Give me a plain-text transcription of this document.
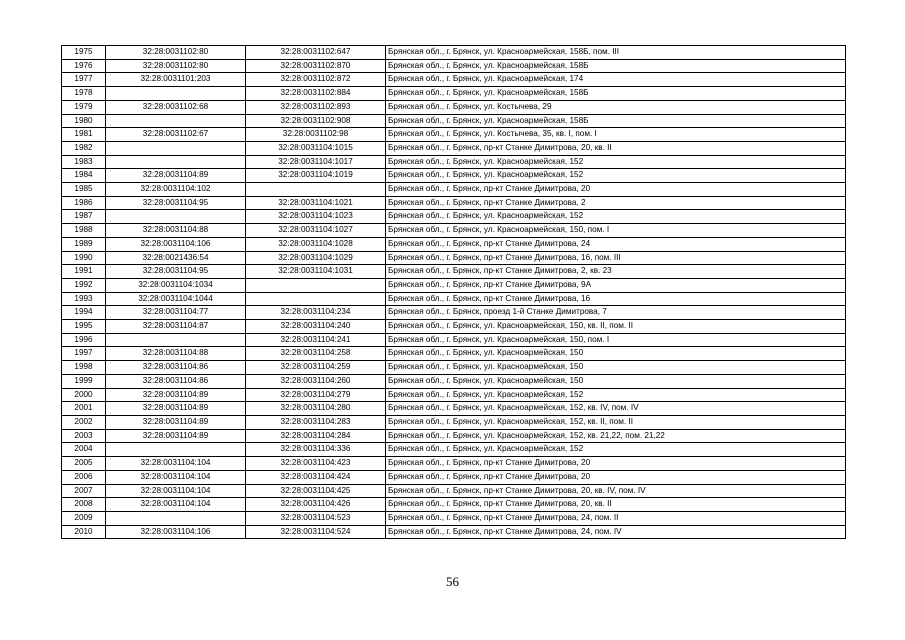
1975	32:28:0031102:80	32:28:0031102:647	Брянская обл., г. Брянск, ул. Красноармейская, 158Б, пом. III
1976	32:28:0031102:80	32:28:0031102:870	Брянская обл., г. Брянск, ул. Красноармейская, 158Б
1977	32:28:0031101:203	32:28:0031102:872	Брянская обл., г. Брянск, ул. Красноармейская, 174
1978		32:28:0031102:884	Брянская обл., г. Брянск, ул. Красноармейская, 158Б
1979	32:28:0031102:68	32:28:0031102:893	Брянская обл., г. Брянск, ул. Костычева, 29
1980		32:28:0031102:908	Брянская обл., г. Брянск, ул. Красноармейская, 158Б
1981	32:28:0031102:67	32:28:0031102:98	Брянская обл., г. Брянск, ул. Костычева, 35, кв. I, пом. I
1982		32:28:0031104:1015	Брянская обл., г. Брянск, пр-кт Станке Димитрова, 20, кв. II
1983		32:28:0031104:1017	Брянская обл., г. Брянск, ул. Красноармейская, 152
1984	32:28:0031104:89	32:28:0031104:1019	Брянская обл., г. Брянск, ул. Красноармейская, 152
1985	32:28:0031104:102		Брянская обл., г. Брянск, пр-кт Станке Димитрова, 20
1986	32:28:0031104:95	32:28:0031104:1021	Брянская обл., г. Брянск, пр-кт Станке Димитрова, 2
1987		32:28:0031104:1023	Брянская обл., г. Брянск, ул. Красноармейская, 152
1988	32:28:0031104:88	32:28:0031104:1027	Брянская обл., г. Брянск, ул. Красноармейская, 150, пом. I
1989	32:28:0031104:106	32:28:0031104:1028	Брянская обл., г. Брянск, пр-кт Станке Димитрова, 24
1990	32:28:0021436:54	32:28:0031104:1029	Брянская обл., г. Брянск, пр-кт Станке Димитрова, 16, пом. III
1991	32:28:0031104:95	32:28:0031104:1031	Брянская обл., г. Брянск, пр-кт Станке Димитрова, 2, кв. 23
1992	32:28:0031104:1034		Брянская обл., г. Брянск, пр-кт Станке Димитрова, 9А
1993	32:28:0031104:1044		Брянская обл., г. Брянск, пр-кт Станке Димитрова, 16
1994	32:28:0031104:77	32:28:0031104:234	Брянская обл., г. Брянск, проезд 1-й Станке Димитрова, 7
1995	32:28:0031104:87	32:28:0031104:240	Брянская обл., г. Брянск, ул. Красноармейская, 150, кв. II, пом. II
1996		32:28:0031104:241	Брянская обл., г. Брянск, ул. Красноармейская, 150, пом. I
1997	32:28:0031104:88	32:28:0031104:258	Брянская обл., г. Брянск, ул. Красноармейская, 150
1998	32:28:0031104:86	32:28:0031104:259	Брянская обл., г. Брянск, ул. Красноармейская, 150
1999	32:28:0031104:86	32:28:0031104:260	Брянская обл., г. Брянск, ул. Красноармейская, 150
2000	32:28:0031104:89	32:28:0031104:279	Брянская обл., г. Брянск, ул. Красноармейская, 152
2001	32:28:0031104:89	32:28:0031104:280	Брянская обл., г. Брянск, ул. Красноармейская, 152, кв. IV, пом. IV
2002	32:28:0031104:89	32:28:0031104:283	Брянская обл., г. Брянск, ул. Красноармейская, 152, кв. II, пом. II
2003	32:28:0031104:89	32:28:0031104:284	Брянская обл., г. Брянск, ул. Красноармейская, 152, кв. 21,22, пом. 21,22
2004		32:28:0031104:336	Брянская обл., г. Брянск, ул. Красноармейская, 152
2005	32:28:0031104:104	32:28:0031104:423	Брянская обл., г. Брянск, пр-кт Станке Димитрова, 20
2006	32:28:0031104:104	32:28:0031104:424	Брянская обл., г. Брянск, пр-кт Станке Димитрова, 20
2007	32:28:0031104:104	32:28:0031104:425	Брянская обл., г. Брянск, пр-кт Станке Димитрова, 20, кв. IV, пом. IV
2008	32:28:0031104:104	32:28:0031104:426	Брянская обл., г. Брянск, пр-кт Станке Димитрова, 20, кв. II
2009		32:28:0031104:523	Брянская обл., г. Брянск, пр-кт Станке Димитрова, 24, пом. II
2010	32:28:0031104:106	32:28:0031104:524	Брянская обл., г. Брянск, пр-кт Станке Димитрова, 24, пом. IV
56
